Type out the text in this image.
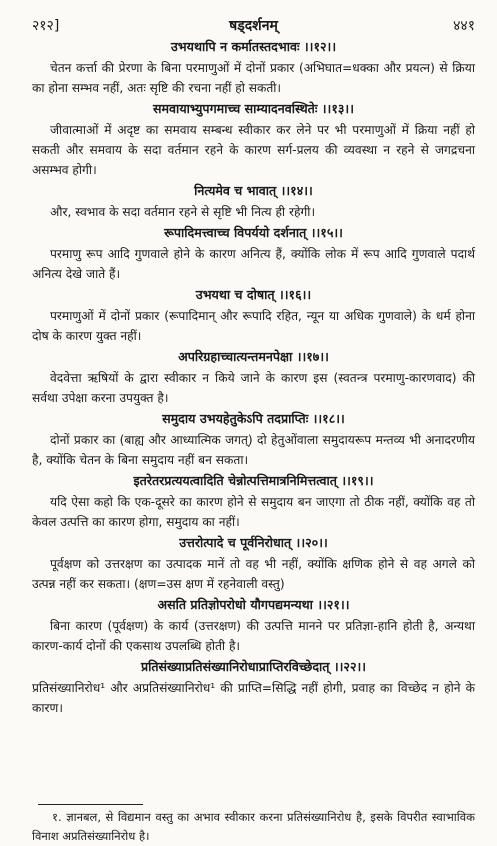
२१२]	षड्दर्शनम्	४४१
उभयथापि न कर्मातस्तदभावः ।।१२।।

चेतन कर्त्ता की प्रेरणा के बिना परमाणुओं में दोनों प्रकार (अभिघात=धक्का और प्रयत्न) से क्रिया का होना सम्भव नहीं, अतः सृष्टि की रचना नहीं हो सकती।

समवायाभ्युपगमाच्च साम्यादनवस्थितेः ।।१३।।

जीवात्माओं में अदृष्ट का समवाय सम्बन्ध स्वीकार कर लेने पर भी परमाणुओं में क्रिया नहीं हो सकती और समवाय के सदा वर्तमान रहने के कारण सर्ग-प्रलय की व्यवस्था न रहने से जगद्रचना असम्भव होगी।

नित्यमेव च भावात् ।।१४।।

और, स्वभाव के सदा वर्तमान रहने से सृष्टि भी नित्य ही रहेगी।

रूपादिमत्त्वाच्च विपर्ययो दर्शनात् ।।१५।।

परमाणु रूप आदि गुणवाले होने के कारण अनित्य हैं, क्योंकि लोक में रूप आदि गुणवाले पदार्थ अनित्य देखे जाते हैं।

उभयथा च दोषात् ।।१६।।

परमाणुओं में दोनों प्रकार (रूपादिमान् और रूपादि रहित, न्यून या अधिक गुणवाले) के धर्म होना दोष के कारण युक्त नहीं।

अपरिग्रहाच्चात्यन्तमनपेक्षा ।।१७।।

वेदवेत्ता ऋषियों के द्वारा स्वीकार न किये जाने के कारण इस (स्वतन्त्र परमाणु-कारणवाद) की सर्वथा उपेक्षा करना उपयुक्त है।

समुदाय उभयहेतुकेऽपि तदप्राप्तिः ।।१८।।

दोनों प्रकार का (बाह्य और आध्यात्मिक जगत्) दो हेतुओंवाला समुदायरूप मन्तव्य भी अनादरणीय है, क्योंकि चेतन के बिना समुदाय नहीं बन सकता।

इतरेतरप्रत्ययत्वादिति चेन्नोत्पत्तिमात्रनिमित्तत्वात् ।।१९।।

यदि ऐसा कहो कि एक-दूसरे का कारण होने से समुदाय बन जाएगा तो ठीक नहीं, क्योंकि वह तो केवल उत्पत्ति का कारण होगा, समुदाय का नहीं।

उत्तरोत्पादे च पूर्वनिरोधात् ।।२०।।

पूर्वक्षण को उत्तरक्षण का उत्पादक मानें तो वह भी नहीं, क्योंकि क्षणिक होने से वह अगले को उत्पन्न नहीं कर सकता। (क्षण=उस क्षण में रहनेवाली वस्तु)

असति प्रतिज्ञोपरोधो यौगपद्यमन्यथा ।।२१।।

बिना कारण (पूर्वक्षण) के कार्य (उत्तरक्षण) की उत्पत्ति मानने पर प्रतिज्ञा-हानि होती है, अन्यथा कारण-कार्य दोनों की एकसाथ उपलब्धि होती है।

प्रतिसंख्याप्रतिसंख्यानिरोधाप्राप्तिरविच्छेदात् ।।२२।।

प्रतिसंख्यानिरोध¹ और अप्रतिसंख्यानिरोध¹ की प्राप्ति=सिद्धि नहीं होगी, प्रवाह का विच्छेद न होने के कारण।

१. ज्ञानबल, से विद्यमान वस्तु का अभाव स्वीकार करना प्रतिसंख्यानिरोध है, इसके विपरीत स्वाभाविक विनाश अप्रतिसंख्यानिरोध है।
